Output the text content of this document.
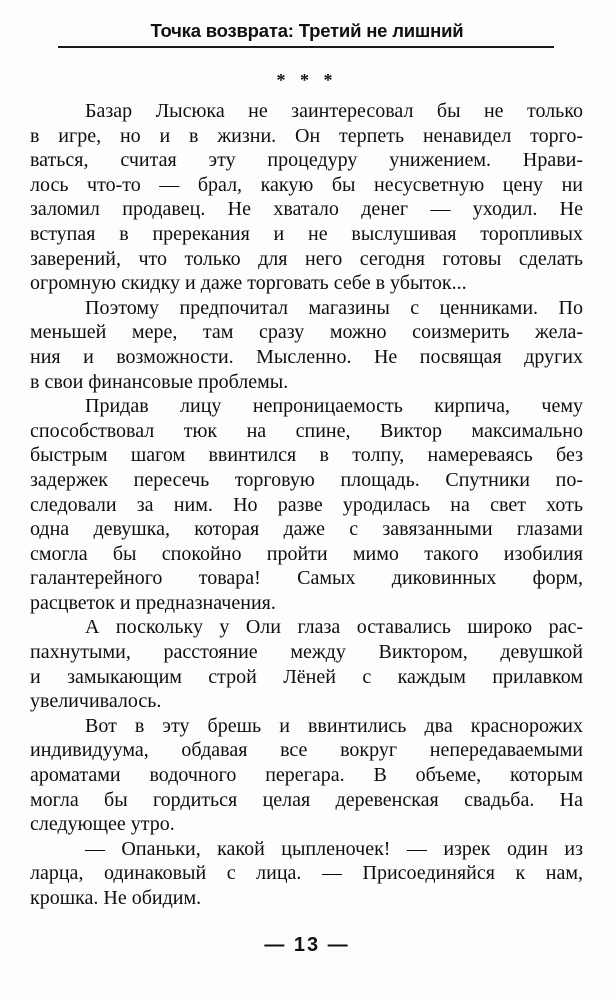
Точка возврата: Третий не лишний
* * *
Базар Лысюка не заинтересовал бы не только
в игре, но и в жизни. Он терпеть ненавидел торго-
ваться, считая эту процедуру унижением. Нрави-
лось что-то — брал, какую бы несусветную цену ни
заломил продавец. Не хватало денег — уходил. Не
вступая в пререкания и не выслушивая торопливых
заверений, что только для него сегодня готовы сделать
огромную скидку и даже торговать себе в убыток...
Поэтому предпочитал магазины с ценниками. По
меньшей мере, там сразу можно соизмерить жела-
ния и возможности. Мысленно. Не посвящая других
в свои финансовые проблемы.
Придав лицу непроницаемость кирпича, чему
способствовал тюк на спине, Виктор максимально
быстрым шагом ввинтился в толпу, намереваясь без
задержек пересечь торговую площадь. Спутники по-
следовали за ним. Но разве уродилась на свет хоть
одна девушка, которая даже с завязанными глазами
смогла бы спокойно пройти мимо такого изобилия
галантерейного товара! Самых диковинных форм,
расцветок и предназначения.
А поскольку у Оли глаза оставались широко рас-
пахнутыми, расстояние между Виктором, девушкой
и замыкающим строй Лёней с каждым прилавком
увеличивалось.
Вот в эту брешь и ввинтились два краснорожих
индивидуума, обдавая все вокруг непередаваемыми
ароматами водочного перегара. В объеме, которым
могла бы гордиться целая деревенская свадьба. На
следующее утро.
— Опаньки, какой цыпленочек! — изрек один из
ларца, одинаковый с лица. — Присоединяйся к нам,
крошка. Не обидим.
— 13 —
